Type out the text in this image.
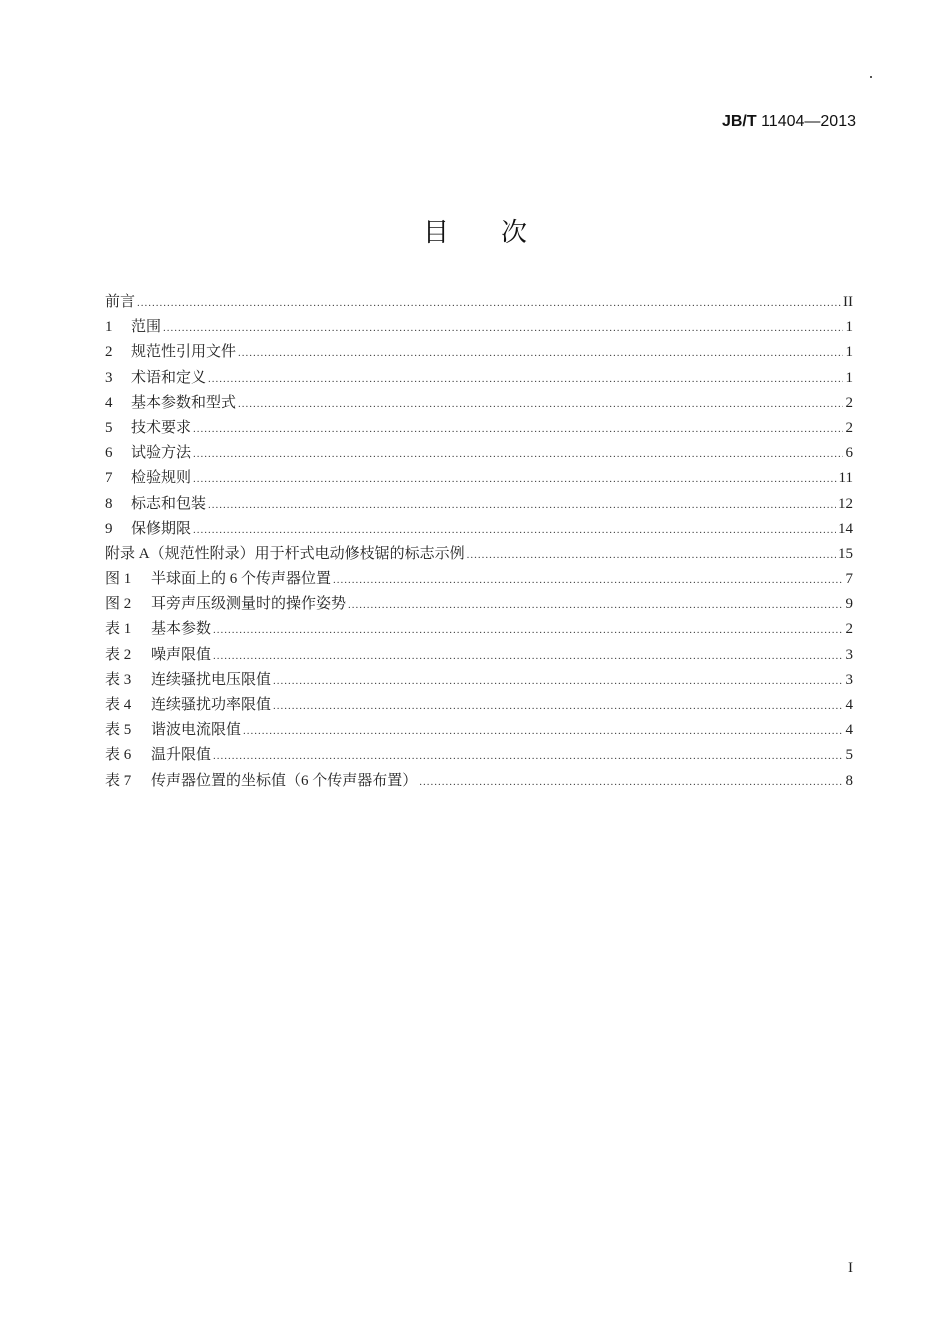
JB/T 11404—2013
目次
前言 .....	II
1	范围 .....	1
2	规范性引用文件 .....	1
3	术语和定义 .....	1
4	基本参数和型式 .....	2
5	技术要求 .....	2
6	试验方法 .....	6
7	检验规则 .....	11
8	标志和包装 .....	12
9	保修期限 .....	14
附录 A（规范性附录）用于杆式电动修枝锯的标志示例 .....	15
图 1	半球面上的 6 个传声器位置 .....	7
图 2	耳旁声压级测量时的操作姿势 .....	9
表 1	基本参数 .....	2
表 2	噪声限值 .....	3
表 3	连续骚扰电压限值 .....	3
表 4	连续骚扰功率限值 .....	4
表 5	谐波电流限值 .....	4
表 6	温升限值 .....	5
表 7	传声器位置的坐标值（6 个传声器布置） .....	8
I
